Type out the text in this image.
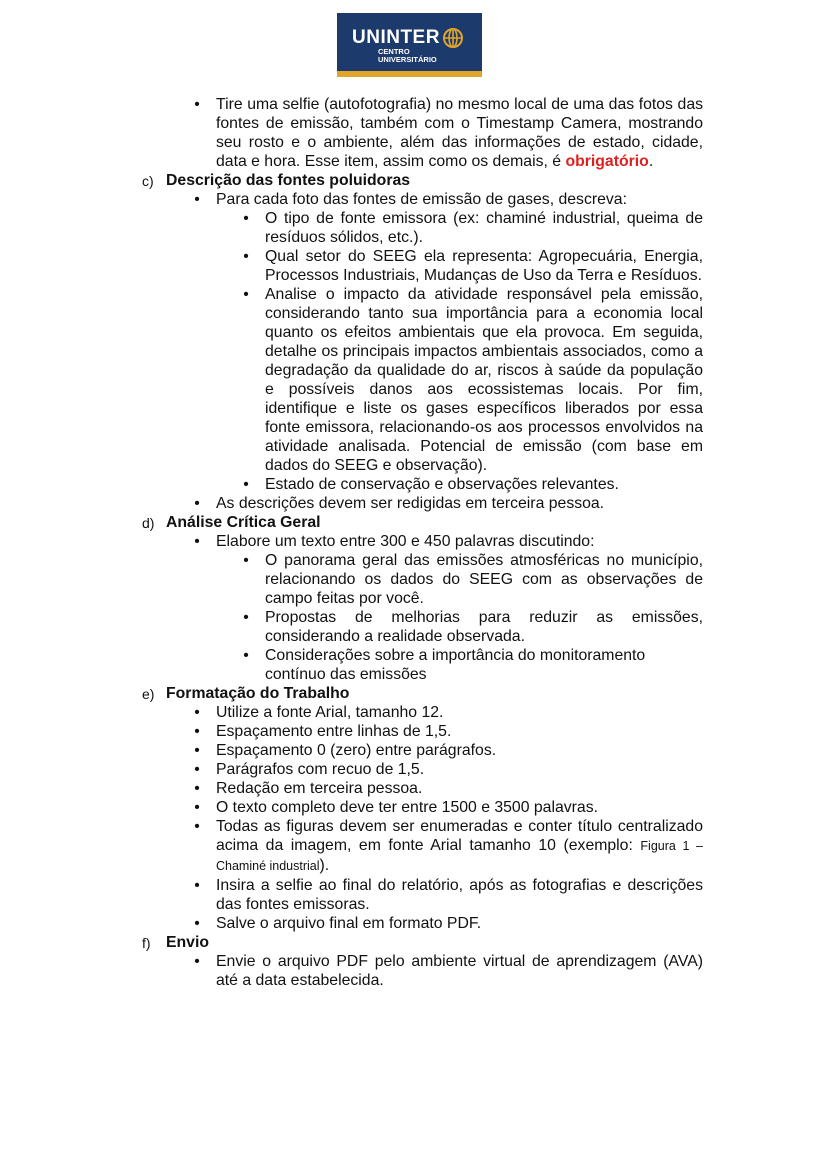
UNINTER
CENTRO
UNIVERSITÁRIO
• Tire uma selfie (autofotografia) no mesmo local de uma das fotos das fontes de emissão, também com o Timestamp Camera, mostrando seu rosto e o ambiente, além das informações de estado, cidade, data e hora. Esse item, assim como os demais, é obrigatório.
c) Descrição das fontes poluidoras
• Para cada foto das fontes de emissão de gases, descreva:
• O tipo de fonte emissora (ex: chaminé industrial, queima de resíduos sólidos, etc.).
• Qual setor do SEEG ela representa: Agropecuária, Energia, Processos Industriais, Mudanças de Uso da Terra e Resíduos.
• Analise o impacto da atividade responsável pela emissão, considerando tanto sua importância para a economia local quanto os efeitos ambientais que ela provoca. Em seguida, detalhe os principais impactos ambientais associados, como a degradação da qualidade do ar, riscos à saúde da população e possíveis danos aos ecossistemas locais. Por fim, identifique e liste os gases específicos liberados por essa fonte emissora, relacionando-os aos processos envolvidos na atividade analisada. Potencial de emissão (com base em dados do SEEG e observação).
• Estado de conservação e observações relevantes.
• As descrições devem ser redigidas em terceira pessoa.
d) Análise Crítica Geral
• Elabore um texto entre 300 e 450 palavras discutindo:
• O panorama geral das emissões atmosféricas no município, relacionando os dados do SEEG com as observações de campo feitas por você.
• Propostas de melhorias para reduzir as emissões, considerando a realidade observada.
• Considerações sobre a importância do monitoramento contínuo das emissões
e) Formatação do Trabalho
• Utilize a fonte Arial, tamanho 12.
• Espaçamento entre linhas de 1,5.
• Espaçamento 0 (zero) entre parágrafos.
• Parágrafos com recuo de 1,5.
• Redação em terceira pessoa.
• O texto completo deve ter entre 1500 e 3500 palavras.
• Todas as figuras devem ser enumeradas e conter título centralizado acima da imagem, em fonte Arial tamanho 10 (exemplo: Figura 1 – Chaminé industrial).
• Insira a selfie ao final do relatório, após as fotografias e descrições das fontes emissoras.
• Salve o arquivo final em formato PDF.
f) Envio
• Envie o arquivo PDF pelo ambiente virtual de aprendizagem (AVA) até a data estabelecida.
